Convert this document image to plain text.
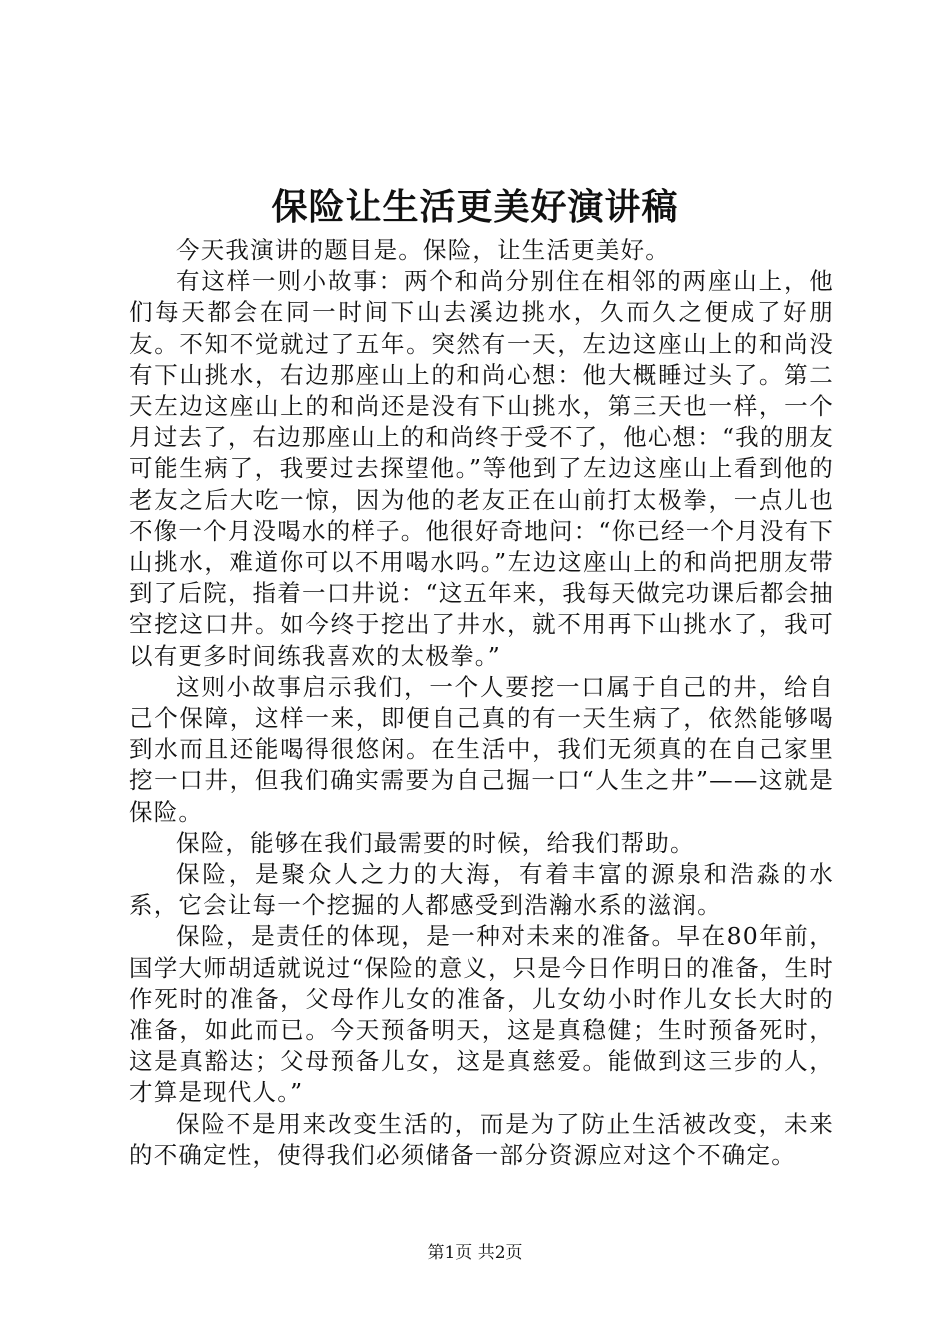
保险让生活更美好演讲稿

今天我演讲的题目是。保险，让生活更美好。

有这样一则小故事：两个和尚分别住在相邻的两座山上，他们每天都会在同一时间下山去溪边挑水，久而久之便成了好朋友。不知不觉就过了五年。突然有一天，左边这座山上的和尚没有下山挑水，右边那座山上的和尚心想：他大概睡过头了。第二天左边这座山上的和尚还是没有下山挑水，第三天也一样，一个月过去了，右边那座山上的和尚终于受不了，他心想：“我的朋友可能生病了，我要过去探望他。”等他到了左边这座山上看到他的老友之后大吃一惊，因为他的老友正在山前打太极拳，一点儿也不像一个月没喝水的样子。他很好奇地问：“你已经一个月没有下山挑水，难道你可以不用喝水吗。”左边这座山上的和尚把朋友带到了后院，指着一口井说：“这五年来，我每天做完功课后都会抽空挖这口井。如今终于挖出了井水，就不用再下山挑水了，我可以有更多时间练我喜欢的太极拳。”

这则小故事启示我们，一个人要挖一口属于自己的井，给自己个保障，这样一来，即便自己真的有一天生病了，依然能够喝到水而且还能喝得很悠闲。在生活中，我们无须真的在自己家里挖一口井，但我们确实需要为自己掘一口“人生之井”——这就是保险。

保险，能够在我们最需要的时候，给我们帮助。

保险，是聚众人之力的大海，有着丰富的源泉和浩淼的水系，它会让每一个挖掘的人都感受到浩瀚水系的滋润。

保险，是责任的体现，是一种对未来的准备。早在80年前，国学大师胡适就说过“保险的意义，只是今日作明日的准备，生时作死时的准备，父母作儿女的准备，儿女幼小时作儿女长大时的准备，如此而已。今天预备明天，这是真稳健；生时预备死时，这是真豁达；父母预备儿女，这是真慈爱。能做到这三步的人，才算是现代人。”

保险不是用来改变生活的，而是为了防止生活被改变，未来的不确定性，使得我们必须储备一部分资源应对这个不确定。

第1页 共2页
